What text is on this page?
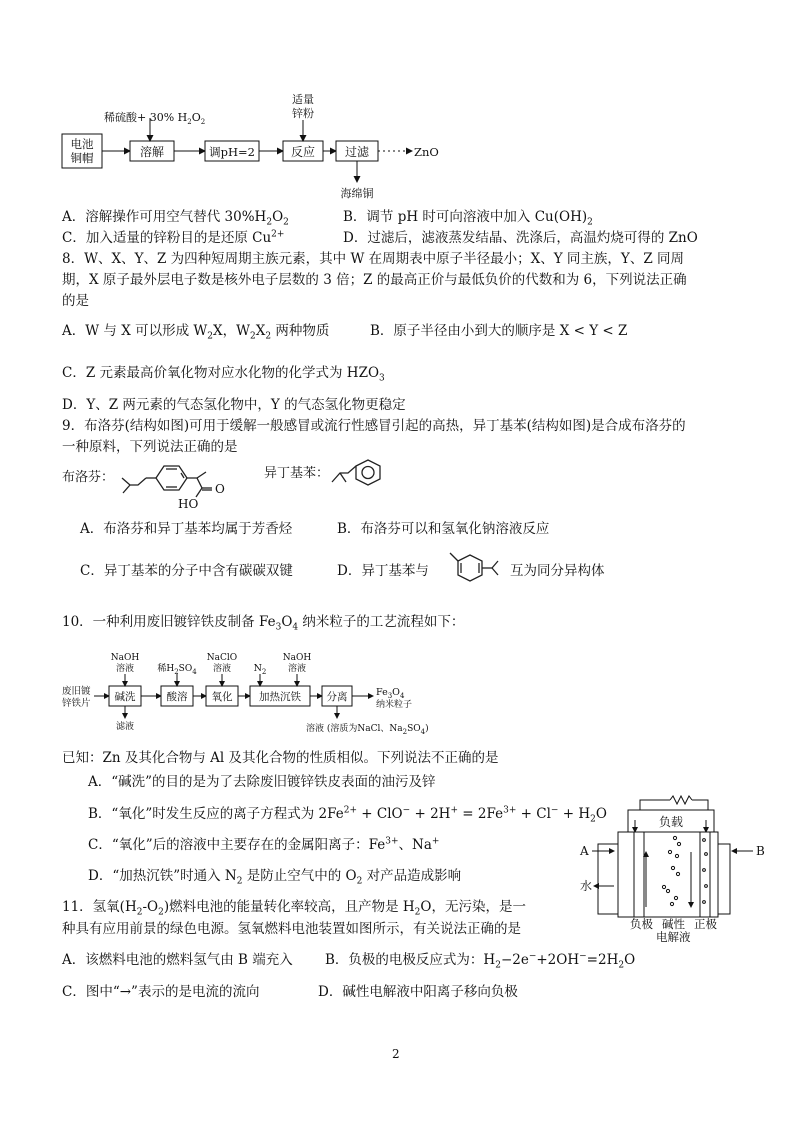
电池
铜帽	溶解
稀硫酸+ 30% $H_2O_2$
调pH=2	反应
适量
锌粉
过滤	ZnO
海绵铜
A．溶解操作可用空气替代 $30\%H_2O_2$	B．调节 pH 时可向溶液中加入 $Cu(OH)_2$
C．加入适量的锌粉目的是还原 $Cu^{2+}$	D．过滤后，滤液蒸发结晶、洗涤后，高温灼烧可得的 ZnO
8．W、X、Y、Z 为四种短周期主族元素，其中 W 在周期表中原子半径最小；X、Y 同主族，Y、Z 同周
期，X 原子最外层电子数是核外电子层数的 3 倍；Z 的最高正价与最低负价的代数和为 6，下列说法正确
的是
A．W 与 X 可以形成 $W_2X$，$W_2X_2$ 两种物质	B．原子半径由小到大的顺序是 X < Y < Z
C．Z 元素最高价氧化物对应水化物的化学式为 $HZO_3$
D．Y、Z 两元素的气态氢化物中，Y 的气态氢化物更稳定
9．布洛芬(结构如图)可用于缓解一般感冒或流行性感冒引起的高热，异丁基苯(结构如图)是合成布洛芬的
一种原料，下列说法正确的是
布洛芬：
O
HO
异丁基苯：
A．布洛芬和异丁基苯均属于芳香烃	B．布洛芬可以和氢氧化钠溶液反应
C．异丁基苯的分子中含有碳碳双键	D．异丁基苯与	互为同分异构体
10．一种利用废旧镀锌铁皮制备 $Fe_3O_4$ 纳米粒子的工艺流程如下：
废旧镀
锌铁片
碱洗	酸溶 氧化	加热沉铁 分离	$Fe_3O_4$
纳米粒子
NaOH
溶液	稀$H_2SO_4$
NaClO
溶液 $N_2$
NaOH
溶液
滤液	溶液 (溶质为NaCl、$Na_2SO_4$)
已知：Zn 及其化合物与 Al 及其化合物的性质相似。下列说法不正确的是
A．“碱洗”的目的是为了去除废旧镀锌铁皮表面的油污及锌
B．“氧化”时发生反应的离子方程式为 $2Fe^{2+} + ClO^- + 2H^+ = 2Fe^{3+} + Cl^- + H_2O$
C．“氧化”后的溶液中主要存在的金属阳离子：$Fe^{3+}$、Na+
D．“加热沉铁”时通入 $N_2$ 是防止空气中的 $O_2$ 对产品造成影响
负载
A	B
水
负极 碱性 正极
电解液
11．氢氧$(H_2-O_2)$燃料电池的能量转化率较高，且产物是 $H_2O$，无污染，是一
种具有应用前景的绿色电源。氢氧燃料电池装置如图所示，有关说法正确的是
A．该燃料电池的燃料氢气由 B 端充入 B．负极的电极反应式为：$H_2-2e^-+2OH^-=2H_2O$
C．图中“→”表示的是电流的流向	D．碱性电解液中阳离子移向负极
2
